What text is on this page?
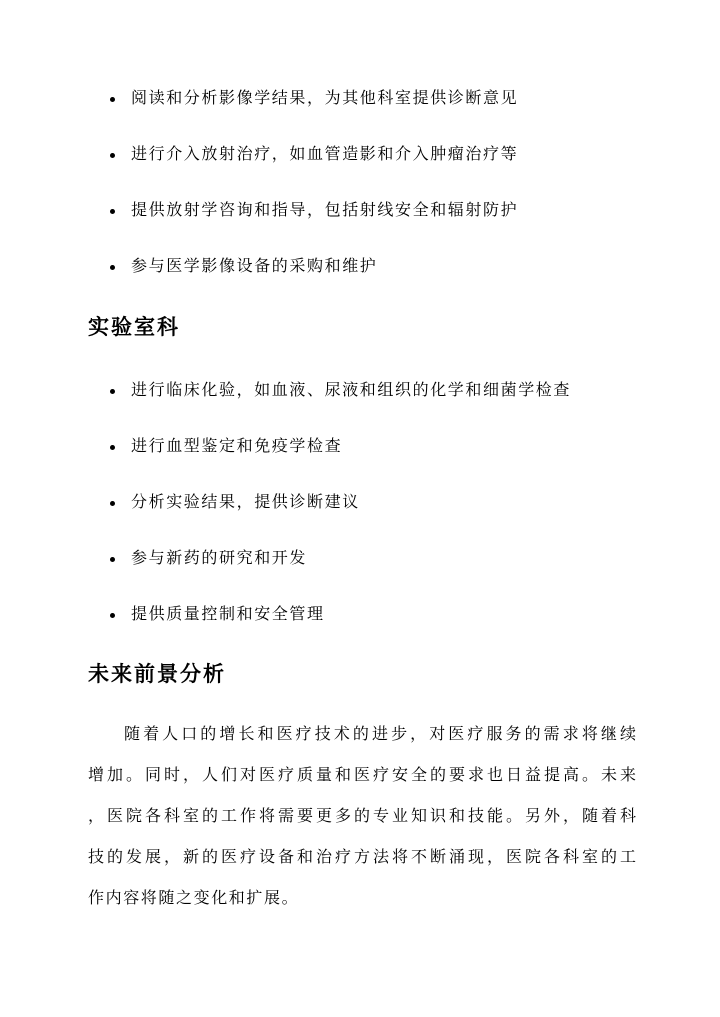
阅读和分析影像学结果，为其他科室提供诊断意见
进行介入放射治疗，如血管造影和介入肿瘤治疗等
提供放射学咨询和指导，包括射线安全和辐射防护
参与医学影像设备的采购和维护
实验室科
进行临床化验，如血液、尿液和组织的化学和细菌学检查
进行血型鉴定和免疫学检查
分析实验结果，提供诊断建议
参与新药的研究和开发
提供质量控制和安全管理
未来前景分析
随着人口的增长和医疗技术的进步，对医疗服务的需求将继续
增加。同时，人们对医疗质量和医疗安全的要求也日益提高。未来
，医院各科室的工作将需要更多的专业知识和技能。另外，随着科
技的发展，新的医疗设备和治疗方法将不断涌现，医院各科室的工
作内容将随之变化和扩展。
